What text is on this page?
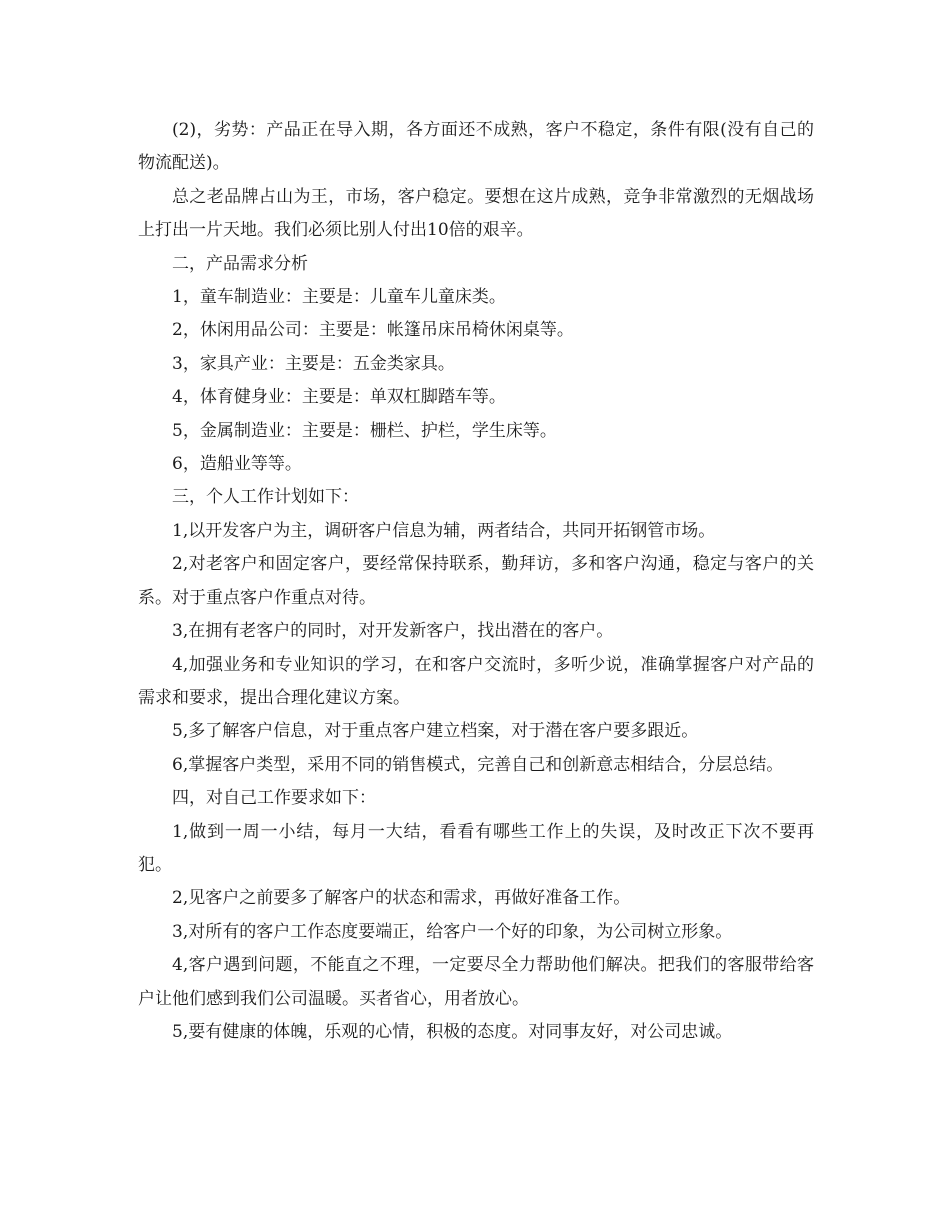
(2)，劣势：产品正在导入期，各方面还不成熟，客户不稳定，条件有限(没有自己的物流配送)。

总之老品牌占山为王，市场，客户稳定。要想在这片成熟，竞争非常激烈的无烟战场上打出一片天地。我们必须比别人付出10倍的艰辛。

二，产品需求分析

1，童车制造业：主要是：儿童车儿童床类。

2，休闲用品公司：主要是：帐篷吊床吊椅休闲桌等。

3，家具产业：主要是：五金类家具。

4，体育健身业：主要是：单双杠脚踏车等。

5，金属制造业：主要是：栅栏、护栏，学生床等。

6，造船业等等。

三，个人工作计划如下：

1,以开发客户为主，调研客户信息为辅，两者结合，共同开拓钢管市场。

2,对老客户和固定客户，要经常保持联系，勤拜访，多和客户沟通，稳定与客户的关系。对于重点客户作重点对待。

3,在拥有老客户的同时，对开发新客户，找出潜在的客户。

4,加强业务和专业知识的学习，在和客户交流时，多听少说，准确掌握客户对产品的需求和要求，提出合理化建议方案。

5,多了解客户信息，对于重点客户建立档案，对于潜在客户要多跟近。

6,掌握客户类型，采用不同的销售模式，完善自己和创新意志相结合，分层总结。

四，对自己工作要求如下：

1,做到一周一小结，每月一大结，看看有哪些工作上的失误，及时改正下次不要再犯。

2,见客户之前要多了解客户的状态和需求，再做好准备工作。

3,对所有的客户工作态度要端正，给客户一个好的印象，为公司树立形象。

4,客户遇到问题，不能直之不理，一定要尽全力帮助他们解决。把我们的客服带给客户让他们感到我们公司温暖。买者省心，用者放心。

5,要有健康的体魄，乐观的心情，积极的态度。对同事友好，对公司忠诚。
